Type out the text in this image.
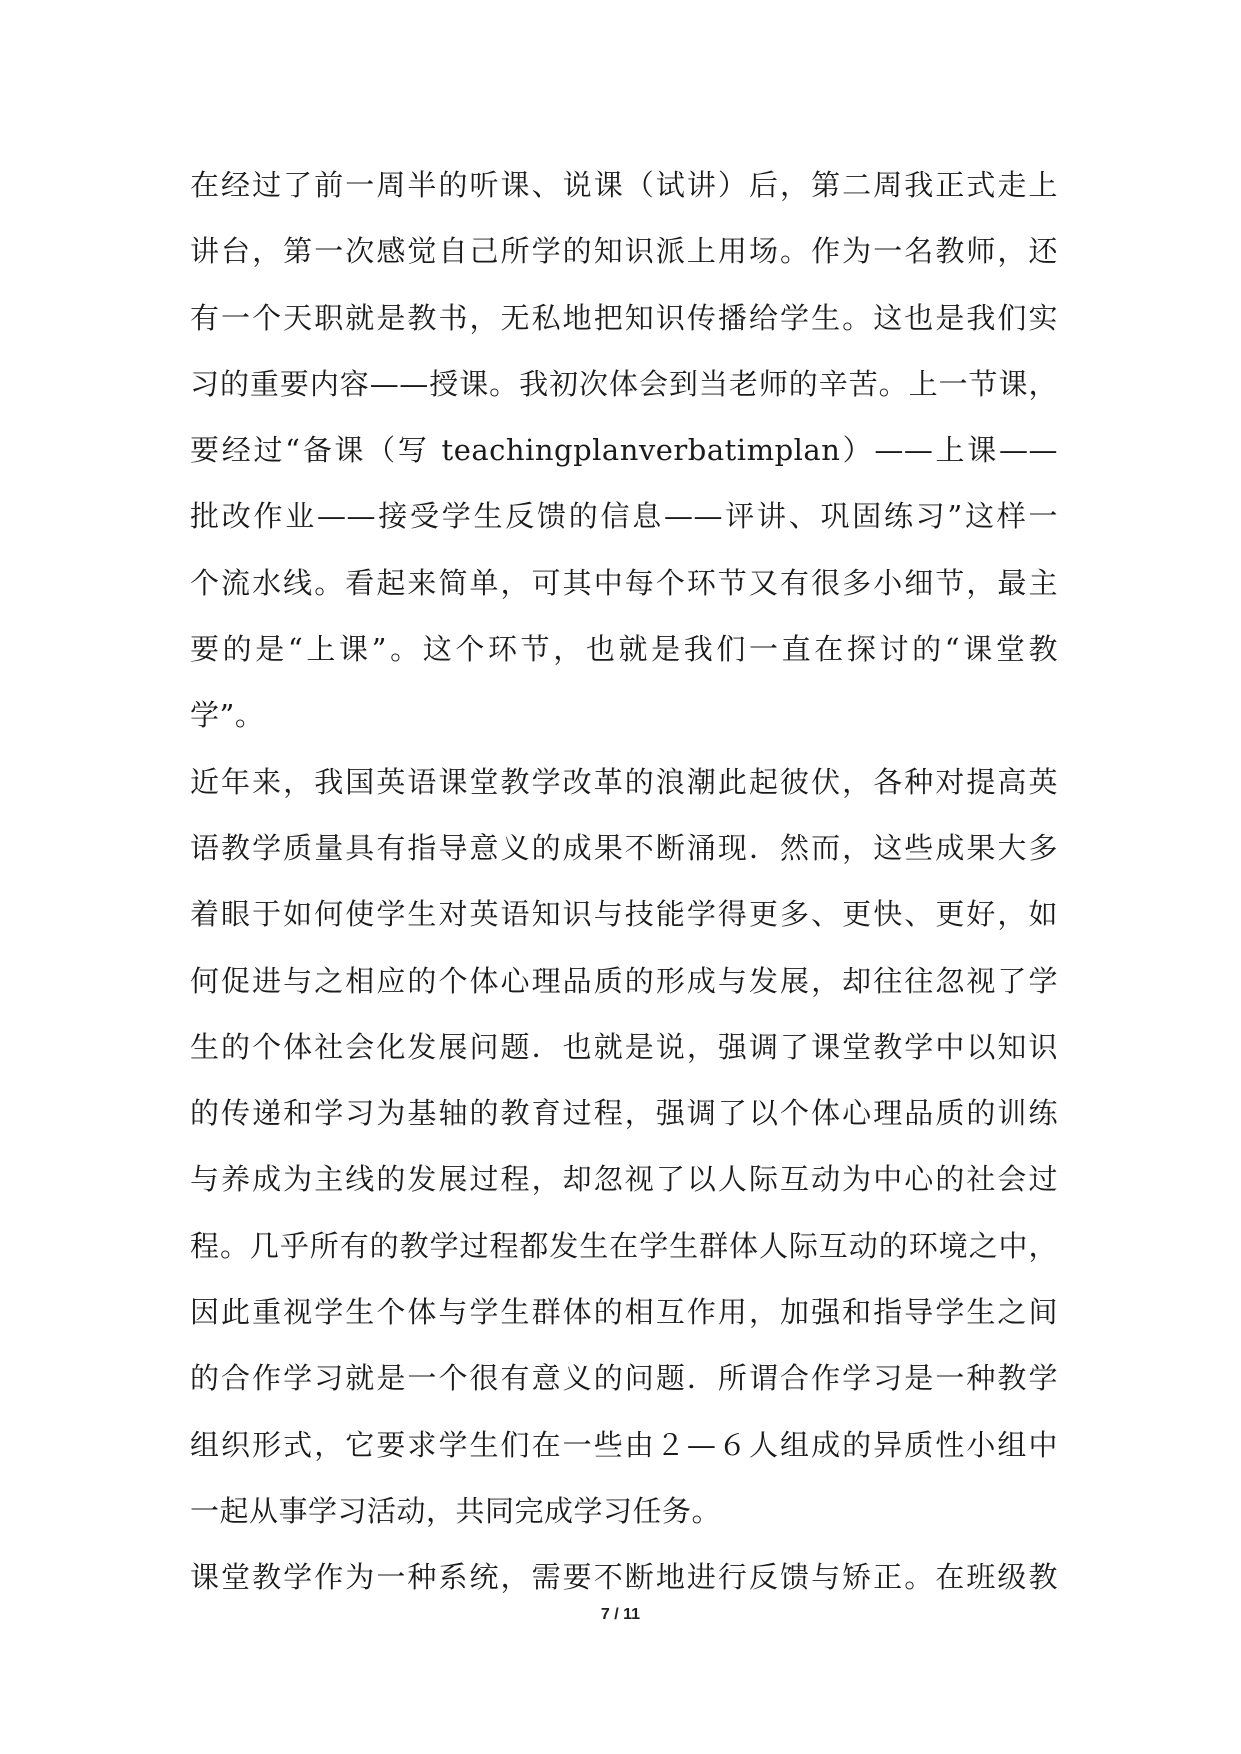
在经过了前一周半的听课、说课（试讲）后，第二周我正式走上
讲台，第一次感觉自己所学的知识派上用场。作为一名教师，还
有一个天职就是教书，无私地把知识传播给学生。这也是我们实
习的重要内容——授课。我初次体会到当老师的辛苦。上一节课，
要经过“备课（写 teachingplanverbatimplan）——上课——
批改作业——接受学生反馈的信息——评讲、巩固练习”这样一
个流水线。看起来简单，可其中每个环节又有很多小细节，最主
要的是“上课”。这个环节，也就是我们一直在探讨的“课堂教
学”。
近年来，我国英语课堂教学改革的浪潮此起彼伏，各种对提高英
语教学质量具有指导意义的成果不断涌现．然而，这些成果大多
着眼于如何使学生对英语知识与技能学得更多、更快、更好，如
何促进与之相应的个体心理品质的形成与发展，却往往忽视了学
生的个体社会化发展问题．也就是说，强调了课堂教学中以知识
的传递和学习为基轴的教育过程，强调了以个体心理品质的训练
与养成为主线的发展过程，却忽视了以人际互动为中心的社会过
程。几乎所有的教学过程都发生在学生群体人际互动的环境之中，
因此重视学生个体与学生群体的相互作用，加强和指导学生之间
的合作学习就是一个很有意义的问题．所谓合作学习是一种教学
组织形式，它要求学生们在一些由２—６人组成的异质性小组中
一起从事学习活动，共同完成学习任务。
课堂教学作为一种系统，需要不断地进行反馈与矫正。在班级教
7 / 11
